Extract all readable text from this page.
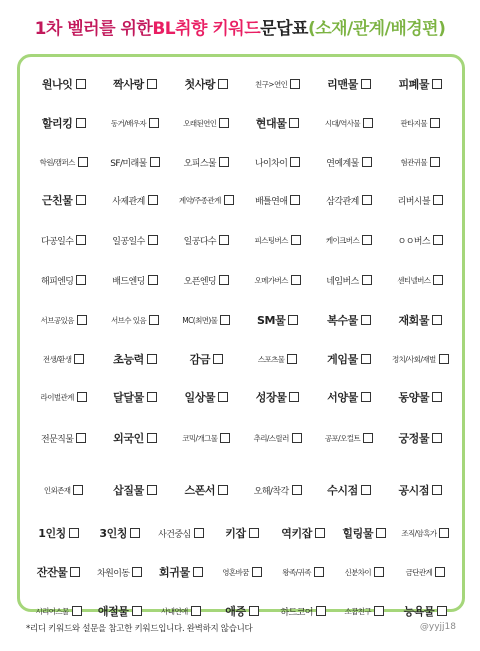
1차 벨러를 위한BL취향 키워드문답표(소재/관계/배경편)
원나잇	짝사랑	첫사랑	친구>연인	리맨물	피폐물
할리킹	동거/배우자	오래된연인	현대물	시대/역사물	판타지물
학원/캠퍼스	SF/미래물	오피스물	나이차이	연예계물	혐관귀물
근친물	사제관계	계약/주종관계	배틀연애	삼각관계	리버시블
다공일수	일공일수	일공다수	피스팅버스	케이크버스	ㅇㅇ버스
해피엔딩	배드엔딩	오픈엔딩	오메가버스	네임버스	센티넬버스
서브공있음	서브수 있음	MC(최면)물	SM물	복수물	재회물
전생/환생	초능력	감금	스포츠물	게임물	정치/사회/재벌
라이벌관계	달달물	일상물	성장물	서양물	동양물
전문직물	외국인	코믹/개그물	추리/스릴러	공포/오컬트	궁정물
인외존재	삽질물	스폰서	오해/착각	수시점	공시점
1인칭	3인칭	사건중심	키잡	역키잡	힐링물	조직/암흑가
잔잔물	차원이동	회귀물	영혼바꿈	왕족/귀족	신분차이	금단관계
시리어스물	애절물	사내연애	애증	하드코어	소꿉친구	능욕물
*리디 키워드와 설문을 참고한 키워드입니다. 완벽하지 않습니다	@yyjj18
